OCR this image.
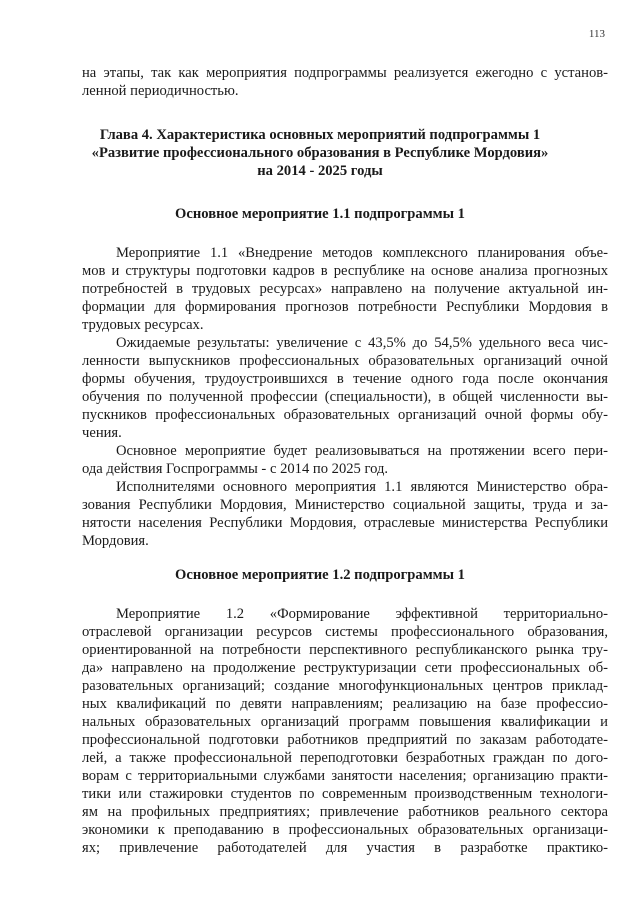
113
на этапы, так как мероприятия подпрограммы реализуется ежегодно с установ-
ленной периодичностью.
Глава 4. Характеристика основных мероприятий подпрограммы 1
«Развитие профессионального образования в Республике Мордовия»
на 2014 - 2025 годы
Основное мероприятие 1.1 подпрограммы 1
Мероприятие 1.1 «Внедрение методов комплексного планирования объе-
мов и структуры подготовки кадров в республике на основе анализа прогнозных
потребностей в трудовых ресурсах» направлено на получение актуальной ин-
формации для формирования прогнозов потребности Республики Мордовия в
трудовых ресурсах.
Ожидаемые результаты: увеличение с 43,5% до 54,5% удельного веса чис-
ленности выпускников профессиональных образовательных организаций очной
формы обучения, трудоустроившихся в течение одного года после окончания
обучения по полученной профессии (специальности), в общей численности вы-
пускников профессиональных образовательных организаций очной формы обу-
чения.
Основное мероприятие будет реализовываться на протяжении всего пери-
ода действия Госпрограммы - с 2014 по 2025 год.
Исполнителями основного мероприятия 1.1 являются Министерство обра-
зования Республики Мордовия, Министерство социальной защиты, труда и за-
нятости населения Республики Мордовия, отраслевые министерства Республики
Мордовия.
Основное мероприятие 1.2 подпрограммы 1
Мероприятие 1.2 «Формирование эффективной территориально-
отраслевой организации ресурсов системы профессионального образования,
ориентированной на потребности перспективного республиканского рынка тру-
да» направлено на продолжение реструктуризации сети профессиональных об-
разовательных организаций; создание многофункциональных центров приклад-
ных квалификаций по девяти направлениям; реализацию на базе профессио-
нальных образовательных организаций программ повышения квалификации и
профессиональной подготовки работников предприятий по заказам работодате-
лей, а также профессиональной переподготовки безработных граждан по дого-
ворам с территориальными службами занятости населения; организацию практи-
тики или стажировки студентов по современным производственным технологи-
ям на профильных предприятиях; привлечение работников реального сектора
экономики к преподаванию в профессиональных образовательных организаци-
ях; привлечение работодателей для участия в разработке практико-
